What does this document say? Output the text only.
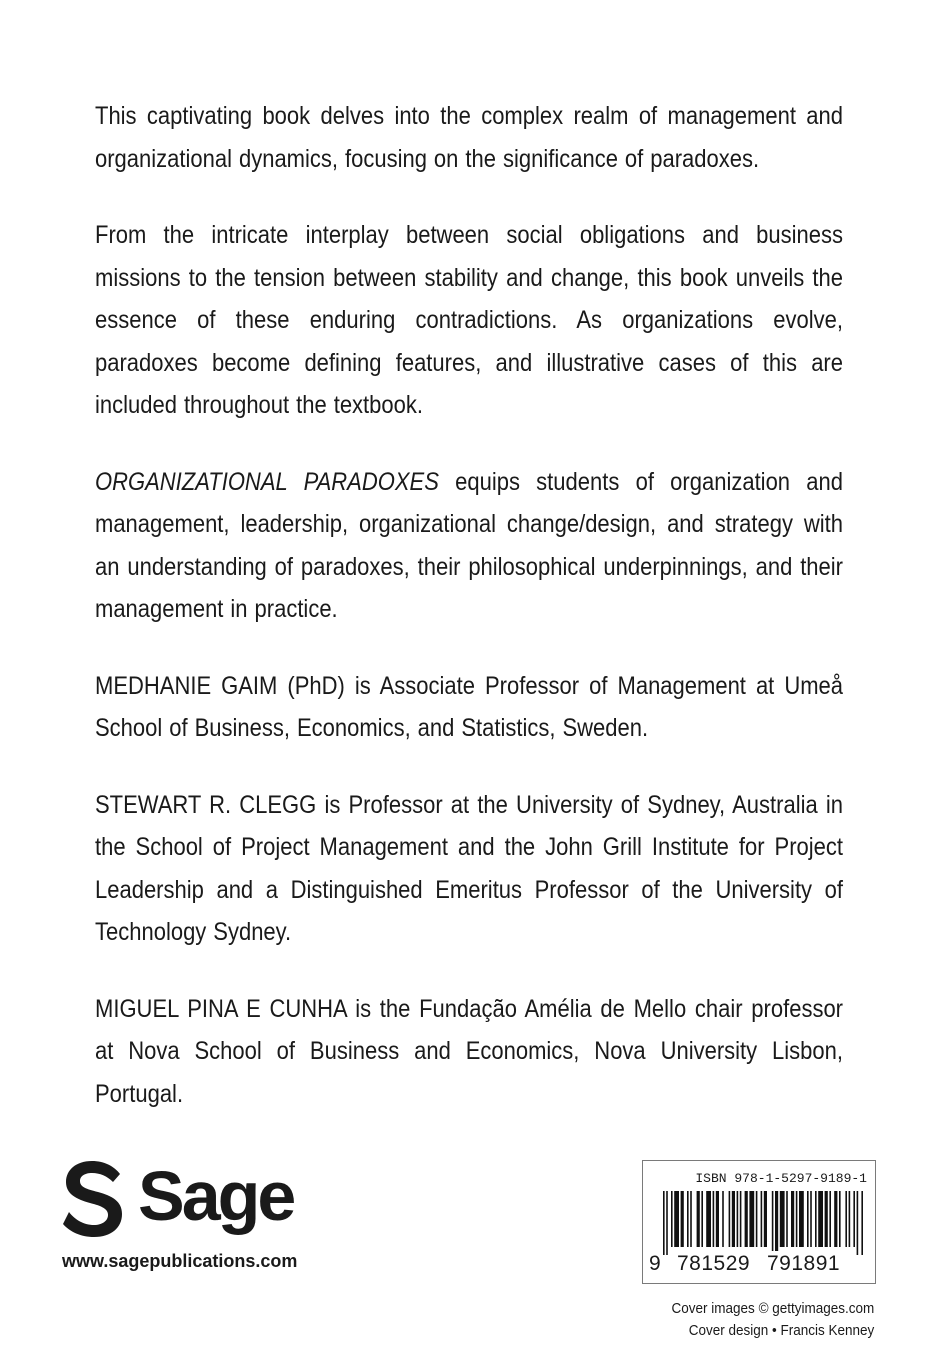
This captivating book delves into the complex realm of management and organizational dynamics, focusing on the significance of paradoxes.

From the intricate interplay between social obligations and business missions to the tension between stability and change, this book unveils the essence of these enduring contradictions. As organizations evolve, paradoxes become defining features, and illustrative cases of this are included throughout the textbook.

ORGANIZATIONAL PARADOXES equips students of organization and management, leadership, organizational change/design, and strategy with an understanding of paradoxes, their philosophical underpinnings, and their management in practice.

MEDHANIE GAIM (PhD) is Associate Professor of Management at Umeå School of Business, Economics, and Statistics, Sweden.

STEWART R. CLEGG is Professor at the University of Sydney, Australia in the School of Project Management and the John Grill Institute for Project Leadership and a Distinguished Emeritus Professor of the University of Technology Sydney.

MIGUEL PINA E CUNHA is the Fundação Amélia de Mello chair professor at Nova School of Business and Economics, Nova University Lisbon, Portugal.

Sage
www.sagepublications.com
ISBN 978-1-5297-9189-1
9 781529 791891
Cover images © gettyimages.com
Cover design • Francis Kenney
